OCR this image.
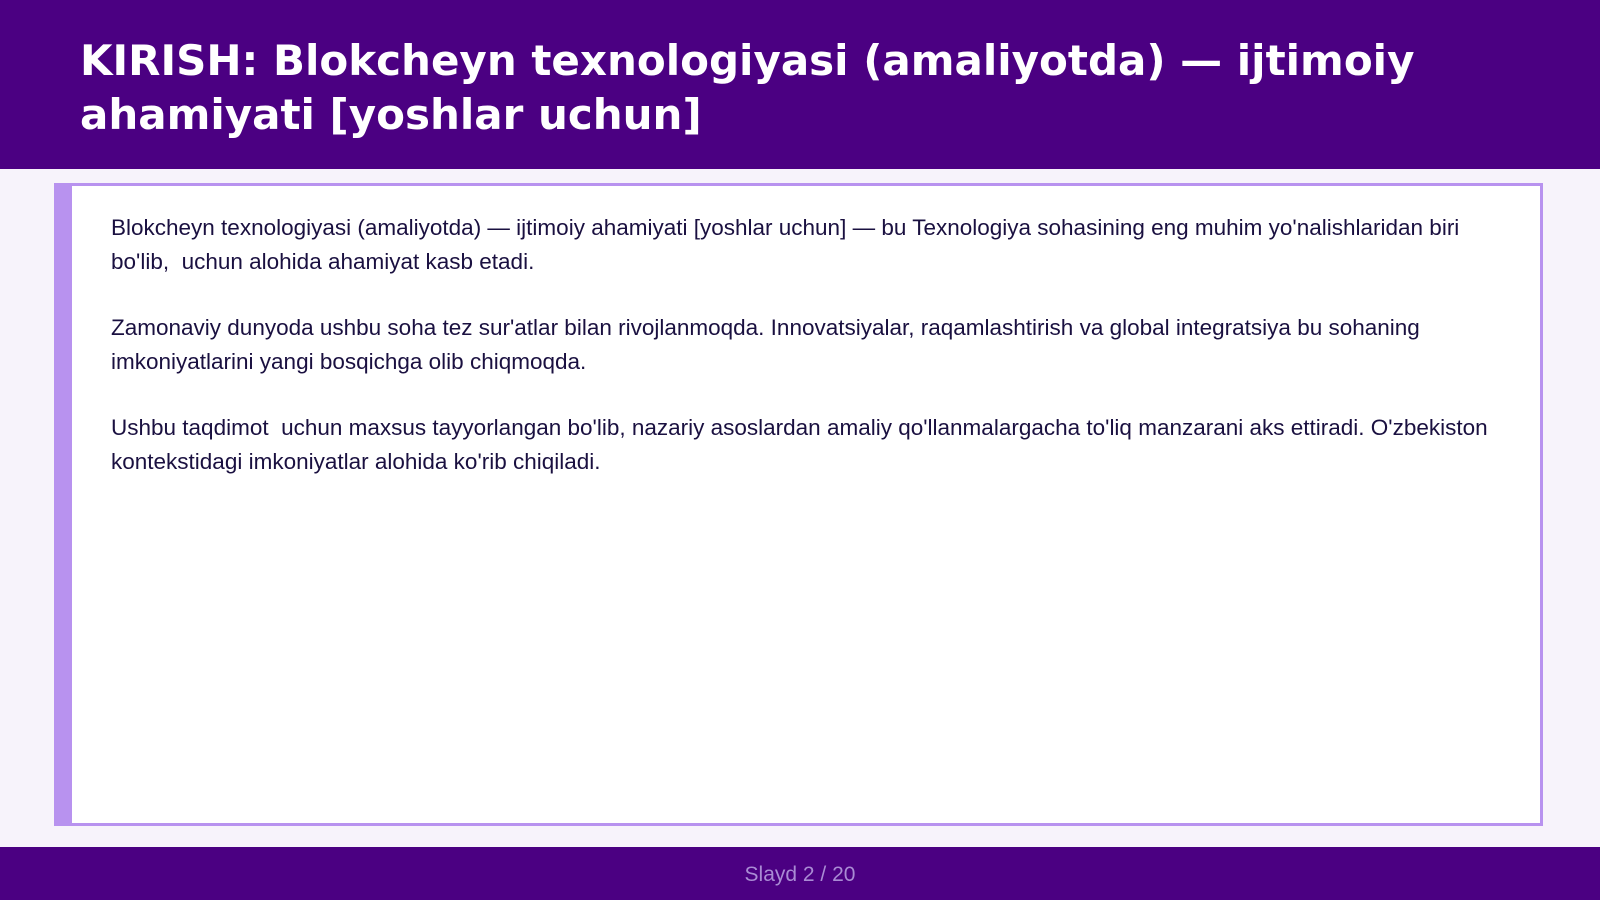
KIRISH: Blokcheyn texnologiyasi (amaliyotda) — ijtimoiy ahamiyati [yoshlar uchun]

Blokcheyn texnologiyasi (amaliyotda) — ijtimoiy ahamiyati [yoshlar uchun] — bu Texnologiya sohasining eng muhim yo'nalishlaridan biri bo'lib,  uchun alohida ahamiyat kasb etadi.

Zamonaviy dunyoda ushbu soha tez sur'atlar bilan rivojlanmoqda. Innovatsiyalar, raqamlashtirish va global integratsiya bu sohaning imkoniyatlarini yangi bosqichga olib chiqmoqda.

Ushbu taqdimot  uchun maxsus tayyorlangan bo'lib, nazariy asoslardan amaliy qo'llanmalargacha to'liq manzarani aks ettiradi. O'zbekiston kontekstidagi imkoniyatlar alohida ko'rib chiqiladi.

Slayd 2 / 20
